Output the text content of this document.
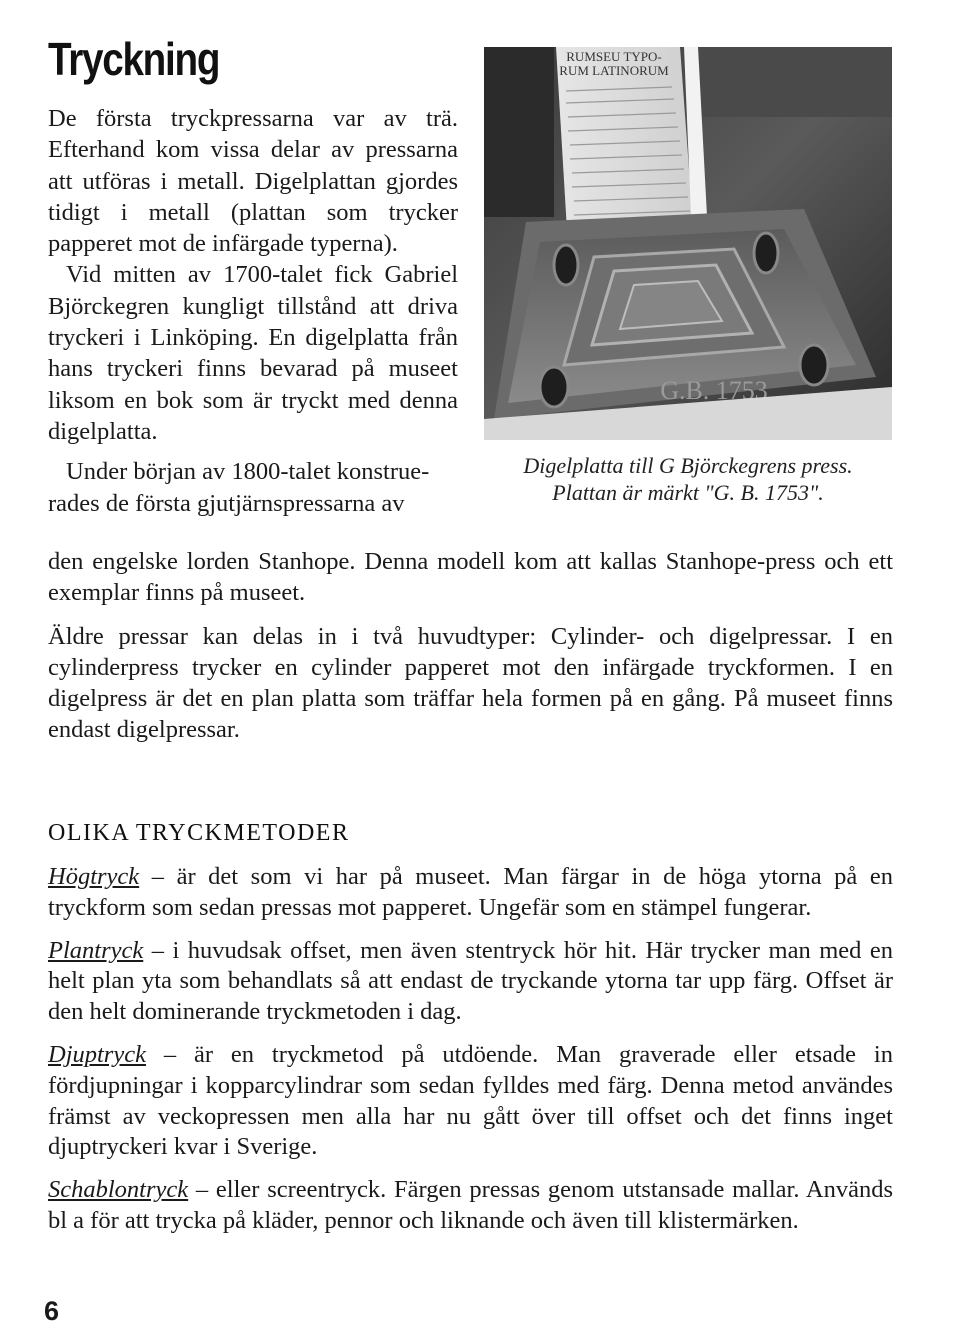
Tryckning

De första tryckpressarna var av trä. Efterhand kom vissa delar av pressarna att utföras i metall. Digelplattan gjordes tidigt i metall (plattan som trycker papperet mot de infärgade typerna).

Vid mitten av 1700-talet fick Gabriel Björckegren kungligt tillstånd att driva tryckeri i Linköping. En digelplatta från hans tryckeri finns bevarad på museet liksom en bok som är tryckt med denna digelplatta.

Under början av 1800-talet konstrue-

rades de första gjutjärnspressarna av

den engelske lorden Stanhope. Denna modell kom att kallas Stanhope-press och ett exemplar finns på museet.

Äldre pressar kan delas in i två huvudtyper: Cylinder- och digelpressar. I en cylinderpress trycker en cylinder papperet mot den infärgade tryckformen. I en digelpress är det en plan platta som träffar hela formen på en gång. På museet finns endast digelpressar.

RUMSEU TYPO-
RUM LATINORUM
G.B. 1753
Digelplatta till G Björckegrens press.
Plattan är märkt "G. B. 1753".
OLIKA TRYCKMETODER

Högtryck – är det som vi har på museet. Man färgar in de höga ytorna på en tryckform som sedan pressas mot papperet. Ungefär som en stämpel fungerar.

Plantryck – i huvudsak offset, men även stentryck hör hit. Här trycker man med en helt plan yta som behandlats så att endast de tryckande ytorna tar upp färg. Offset är den helt dominerande tryckmetoden i dag.

Djuptryck – är en tryckmetod på utdöende. Man graverade eller etsade in fördjupningar i kopparcylindrar som sedan fylldes med färg. Denna metod användes främst av veckopressen men alla har nu gått över till offset och det finns inget djuptryckeri kvar i Sverige.

Schablontryck – eller screentryck. Färgen pressas genom utstansade mallar. Används bl a för att trycka på kläder, pennor och liknande och även till klistermärken.

6
